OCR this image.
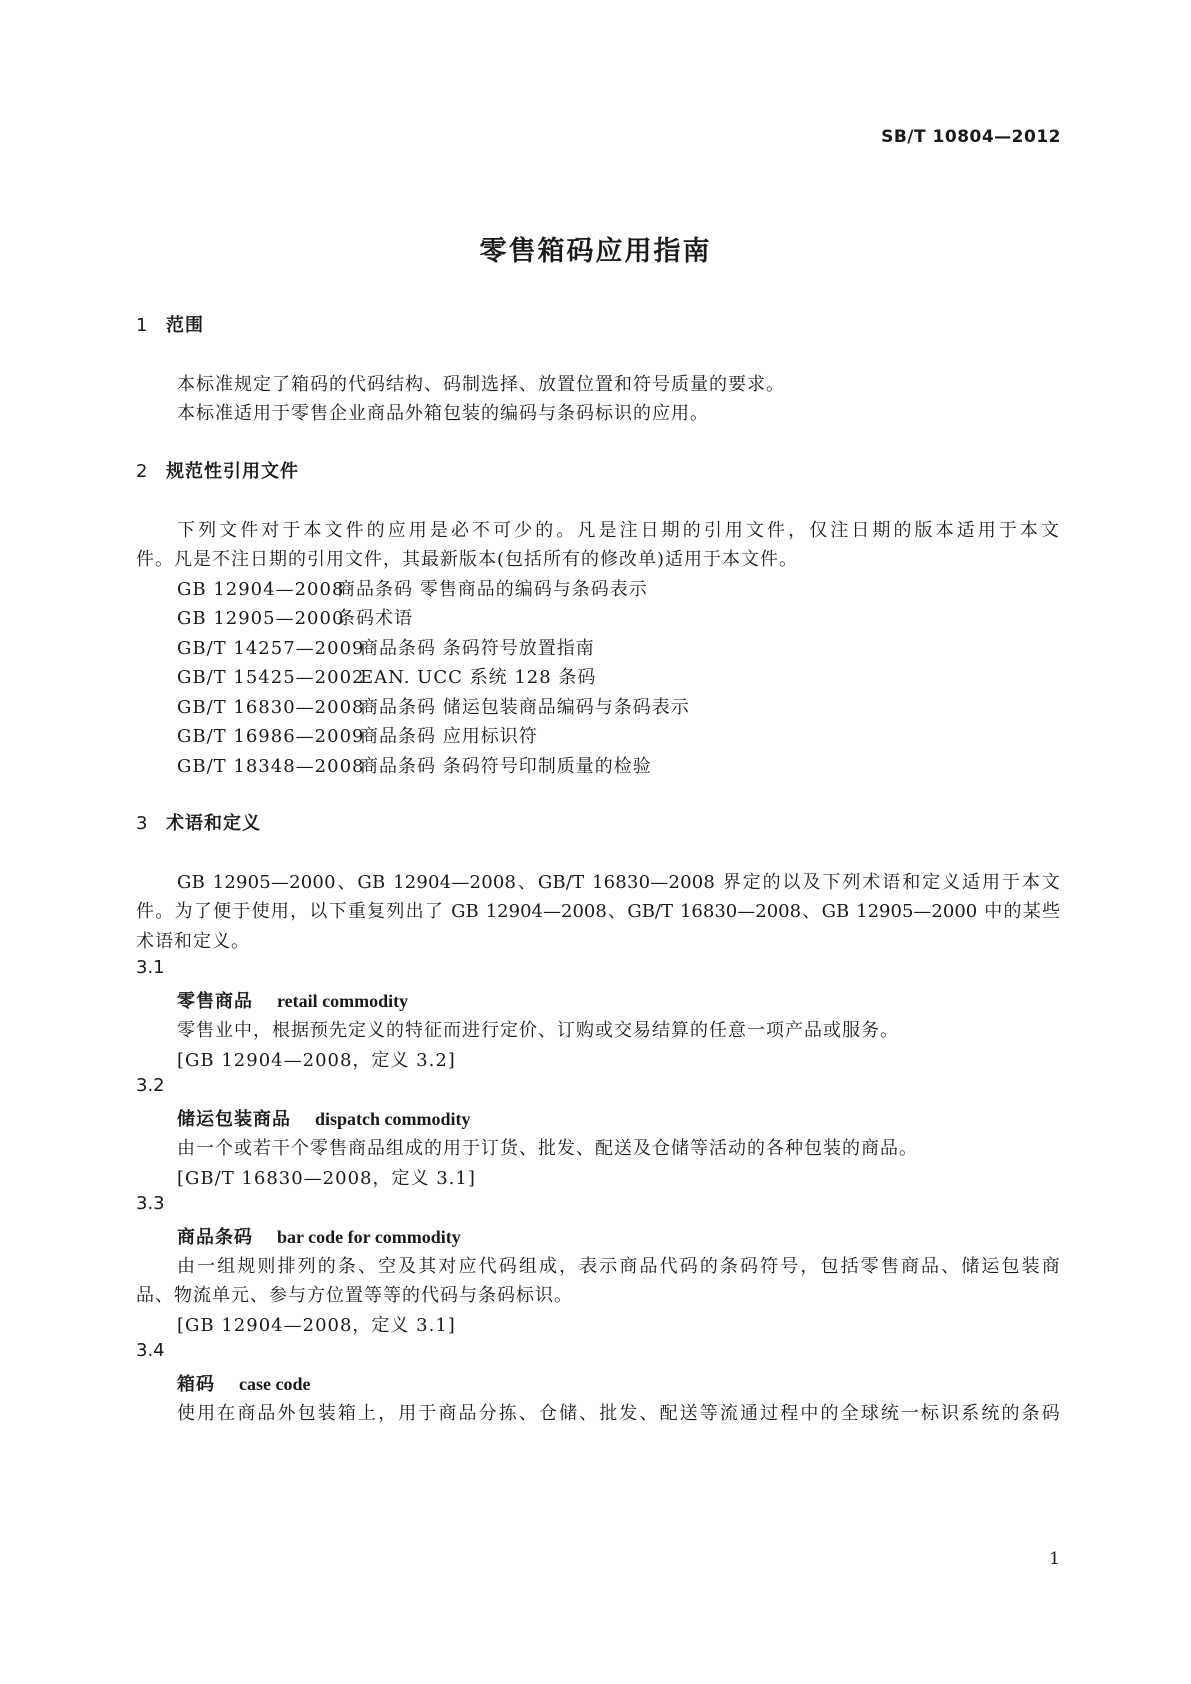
SB/T 10804—2012
零售箱码应用指南
1 范围
本标准规定了箱码的代码结构、码制选择、放置位置和符号质量的要求。
本标准适用于零售企业商品外箱包装的编码与条码标识的应用。
2 规范性引用文件
下列文件对于本文件的应用是必不可少的。凡是注日期的引用文件，仅注日期的版本适用于本文
件。凡是不注日期的引用文件，其最新版本(包括所有的修改单)适用于本文件。
GB 12904—2008商品条码 零售商品的编码与条码表示
GB 12905—2000条码术语
GB/T 14257—2009商品条码 条码符号放置指南
GB/T 15425—2002EAN. UCC 系统 128 条码
GB/T 16830—2008商品条码 储运包装商品编码与条码表示
GB/T 16986—2009商品条码 应用标识符
GB/T 18348—2008商品条码 条码符号印制质量的检验
3 术语和定义
GB 12905—2000、GB 12904—2008、GB/T 16830—2008 界定的以及下列术语和定义适用于本文
件。为了便于使用，以下重复列出了 GB 12904—2008、GB/T 16830—2008、GB 12905—2000 中的某些
术语和定义。
3.1
零售商品 retail commodity
零售业中，根据预先定义的特征而进行定价、订购或交易结算的任意一项产品或服务。
[GB 12904—2008，定义 3.2]
3.2
储运包装商品 dispatch commodity
由一个或若干个零售商品组成的用于订货、批发、配送及仓储等活动的各种包装的商品。
[GB/T 16830—2008，定义 3.1]
3.3
商品条码 bar code for commodity
由一组规则排列的条、空及其对应代码组成，表示商品代码的条码符号，包括零售商品、储运包装商
品、物流单元、参与方位置等等的代码与条码标识。
[GB 12904—2008，定义 3.1]
3.4
箱码 case code
使用在商品外包装箱上，用于商品分拣、仓储、批发、配送等流通过程中的全球统一标识系统的条码
1
